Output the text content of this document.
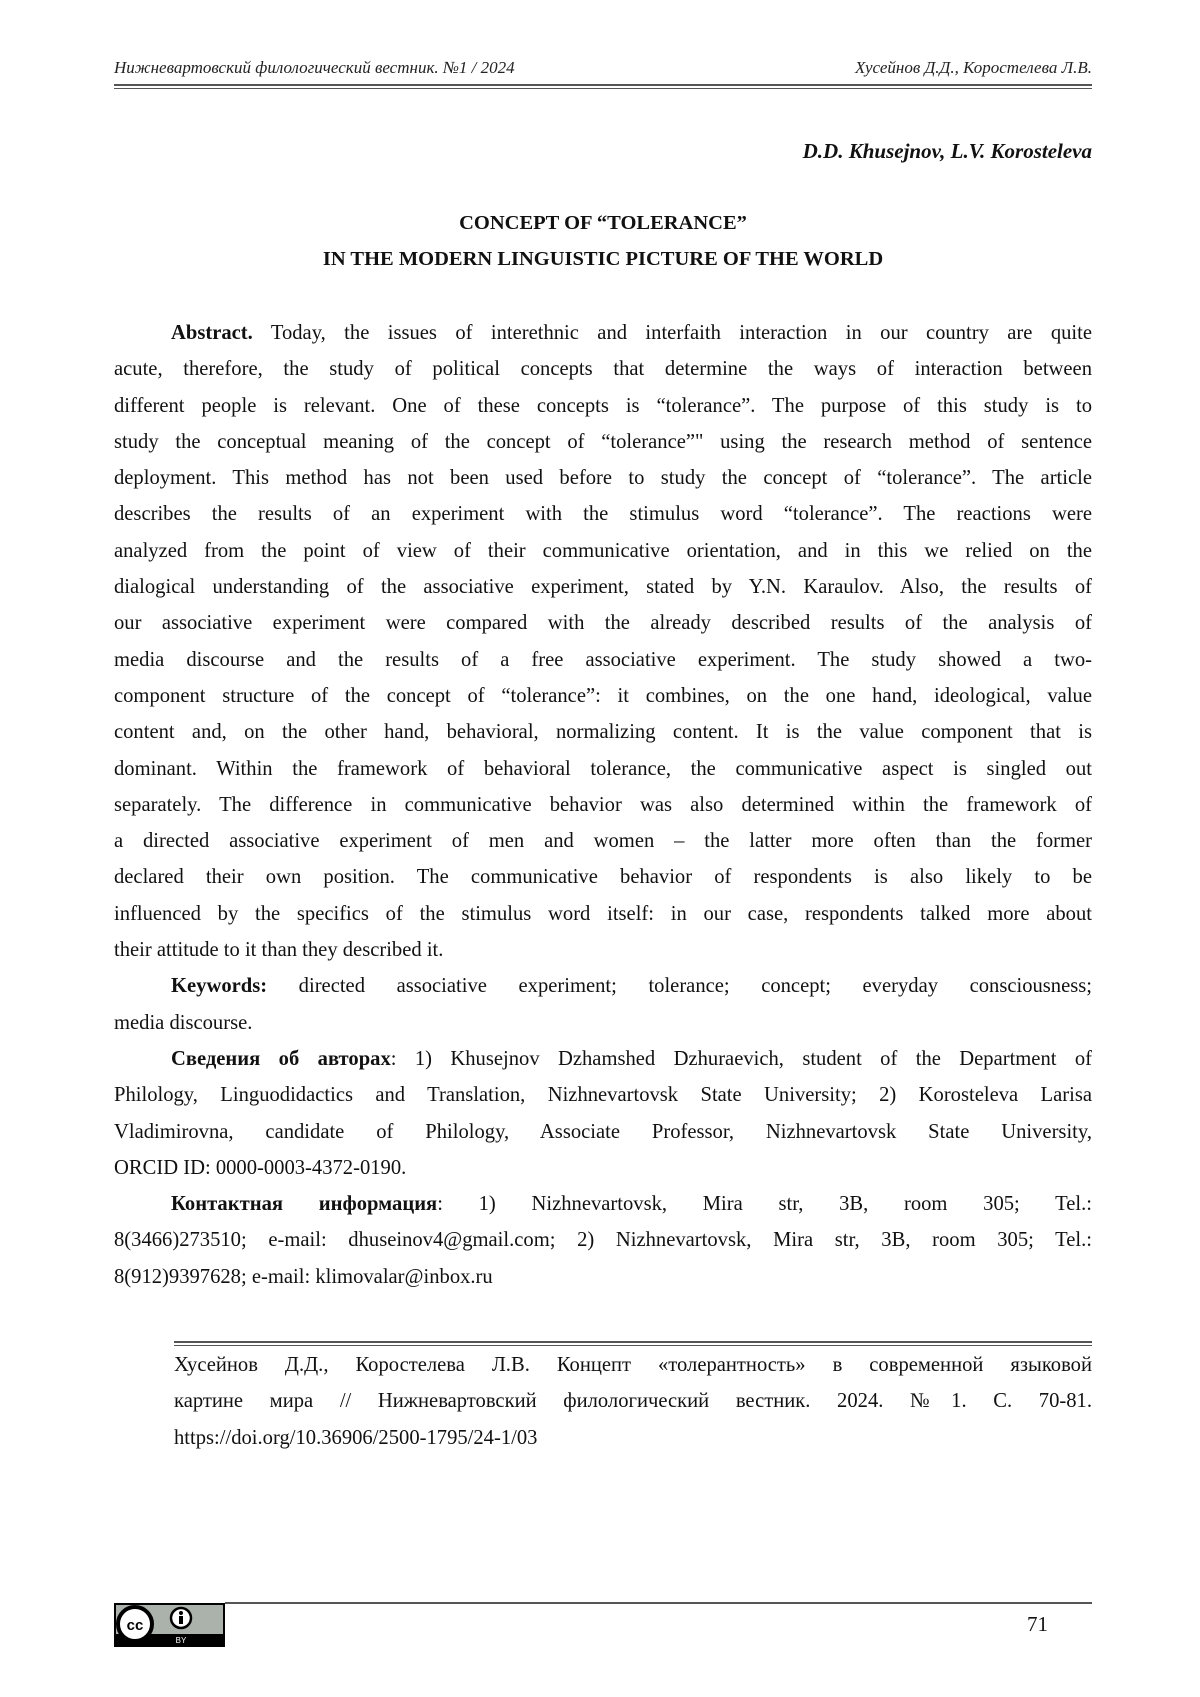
Нижневартовский филологический вестник. №1 / 2024	Хусейнов Д.Д., Коростелева Л.В.
D.D. Khusejnov, L.V. Korosteleva
CONCEPT OF “TOLERANCE”
IN THE MODERN LINGUISTIC PICTURE OF THE WORLD
Abstract. Today, the issues of interethnic and interfaith interaction in our country are quite
acute, therefore, the study of political concepts that determine the ways of interaction between
different people is relevant. One of these concepts is “tolerance”. The purpose of this study is to
study the conceptual meaning of the concept of “tolerance”" using the research method of sentence
deployment. This method has not been used before to study the concept of “tolerance”. The article
describes the results of an experiment with the stimulus word “tolerance”. The reactions were
analyzed from the point of view of their communicative orientation, and in this we relied on the
dialogical understanding of the associative experiment, stated by Y.N. Karaulov. Also, the results of
our associative experiment were compared with the already described results of the analysis of
media discourse and the results of a free associative experiment. The study showed a two-
component structure of the concept of “tolerance”: it combines, on the one hand, ideological, value
content and, on the other hand, behavioral, normalizing content. It is the value component that is
dominant. Within the framework of behavioral tolerance, the communicative aspect is singled out
separately. The difference in communicative behavior was also determined within the framework of
a directed associative experiment of men and women – the latter more often than the former
declared their own position. The communicative behavior of respondents is also likely to be
influenced by the specifics of the stimulus word itself: in our case, respondents talked more about
their attitude to it than they described it.
Keywords: directed associative experiment; tolerance; concept; everyday consciousness;
media discourse.
Сведения об авторах: 1) Khusejnov Dzhamshed Dzhuraevich, student of the Department of
Philology, Linguodidactics and Translation, Nizhnevartovsk State University; 2) Korosteleva Larisa
Vladimirovna, candidate of Philology, Associate Professor, Nizhnevartovsk State University,
ORCID ID: 0000-0003-4372-0190.
Контактная информация: 1) Nizhnevartovsk, Mira str, 3B, room 305; Tel.:
8(3466)273510; e-mail: dhuseinov4@gmail.com; 2) Nizhnevartovsk, Mira str, 3B, room 305; Tel.:
8(912)9397628; e-mail: klimovalar@inbox.ru
Хусейнов Д.Д., Коростелева Л.В. Концепт «толерантность» в современной языковой
картине мира // Нижневартовский филологический вестник. 2024. №1. С. 70-81.
https://doi.org/10.36906/2500-1795/24-1/03
cc
BY
71
